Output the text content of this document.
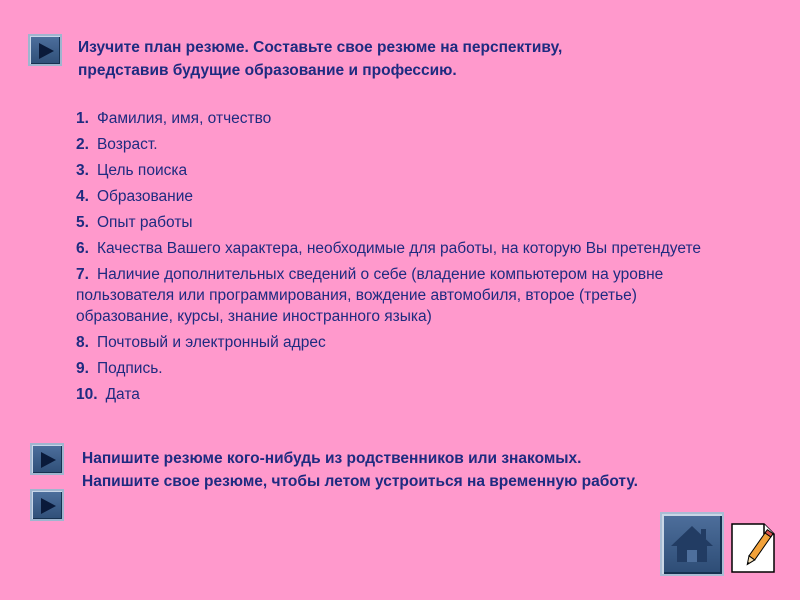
Изучите план резюме. Составьте свое резюме на перспективу,
представив будущие образование и профессию.
1. Фамилия, имя, отчество
2. Возраст.
3. Цель поиска
4. Образование
5. Опыт работы
6. Качества Вашего характера, необходимые для работы, на которую Вы претендуете
7. Наличие дополнительных сведений о себе (владение компьютером на уровне пользователя или программирования, вождение автомобиля, второе (третье) образование, курсы, знание иностранного языка)
8. Почтовый и электронный адрес
9. Подпись.
10. Дата
Напишите резюме кого-нибудь из родственников или знакомых.
Напишите свое резюме, чтобы летом устроиться на временную работу.
